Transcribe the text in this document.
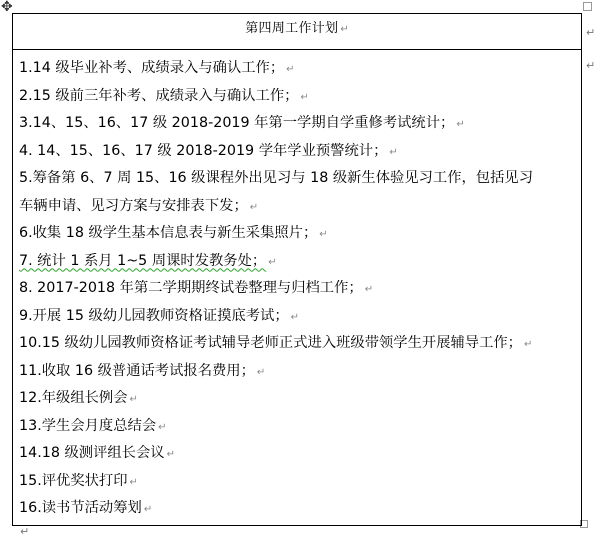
✥
↵
↵
第四周工作计划 ↵

1.14 级毕业补考、成绩录入与确认工作； ↵
2.15 级前三年补考、成绩录入与确认工作； ↵
3.14、15、16、17 级 2018-2019 年第一学期自学重修考试统计； ↵
4. 14、15、16、17 级 2018-2019 学年学业预警统计； ↵
5.筹备第 6、7 周 15、16 级课程外出见习与 18 级新生体验见习工作，包括见习
车辆申请、见习方案与安排表下发； ↵
6.收集 18 级学生基本信息表与新生采集照片； ↵
7. 统计 1 系月 1~5 周课时发教务处； ↵
8. 2017-2018 年第二学期期终试卷整理与归档工作； ↵
9.开展 15 级幼儿园教师资格证摸底考试； ↵
10.15 级幼儿园教师资格证考试辅导老师正式进入班级带领学生开展辅导工作； ↵
11.收取 16 级普通话考试报名费用； ↵
12.年级组长例会 ↵
13.学生会月度总结会 ↵
14.18 级测评组长会议 ↵
15.评优奖状打印 ↵
16.读书节活动筹划 ↵
↵
